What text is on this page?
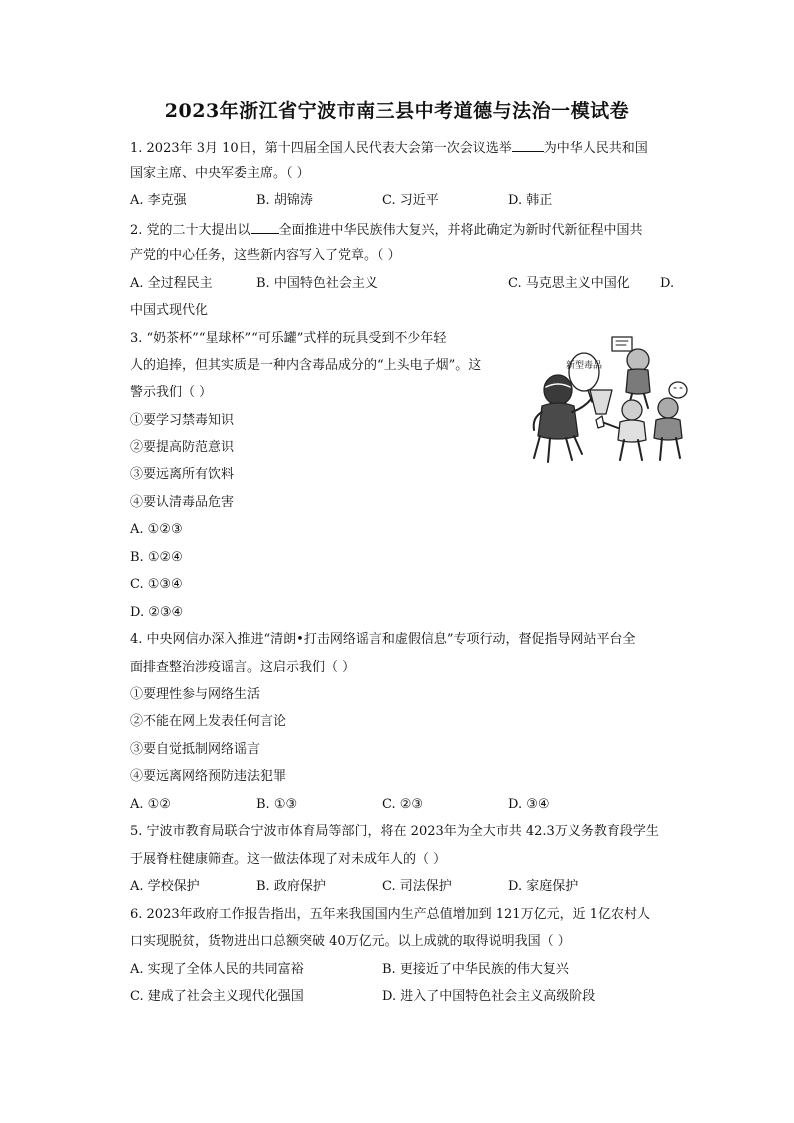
2023年浙江省宁波市南三县中考道德与法治一模试卷
1. 2023年 3月 10日，第十四届全国人民代表大会第一次会议选举 为中华人民共和国
国家主席、中央军委主席。（ ）
A. 李克强	B. 胡锦涛	C. 习近平	D. 韩正
2. 党的二十大提出以 全面推进中华民族伟大复兴，并将此确定为新时代新征程中国共
产党的中心任务，这些新内容写入了党章。（ ）
A. 全过程民主	B. 中国特色社会主义	C. 马克思主义中国化 D.
中国式现代化
3. “奶茶杯”“星球杯”“可乐罐”式样的玩具受到不少年轻
人的追捧，但其实质是一种内含毒品成分的“上头电子烟”。这
警示我们（ ）
①要学习禁毒知识
②要提高防范意识
③要远离所有饮料
④要认清毒品危害
A. ①②③
B. ①②④
C. ①③④
D. ②③④
新型毒品
4. 中央网信办深入推进“清朗•打击网络谣言和虚假信息”专项行动，督促指导网站平台全
面排查整治涉疫谣言。这启示我们（ ）
①要理性参与网络生活
②不能在网上发表任何言论
③要自觉抵制网络谣言
④要远离网络预防违法犯罪
A. ①②	B. ①③	C. ②③	D. ③④
5. 宁波市教育局联合宁波市体育局等部门，将在 2023年为全大市共 42.3万义务教育段学生
于展脊柱健康筛查。这一做法体现了对未成年人的（ ）
A. 学校保护	B. 政府保护	C. 司法保护	D. 家庭保护
6. 2023年政府工作报告指出，五年来我国国内生产总值增加到 121万亿元，近 1亿农村人
口实现脱贫，货物进出口总额突破 40万亿元。以上成就的取得说明我国（ ）
A. 实现了全体人民的共同富裕	B. 更接近了中华民族的伟大复兴
C. 建成了社会主义现代化强国	D. 进入了中国特色社会主义高级阶段
